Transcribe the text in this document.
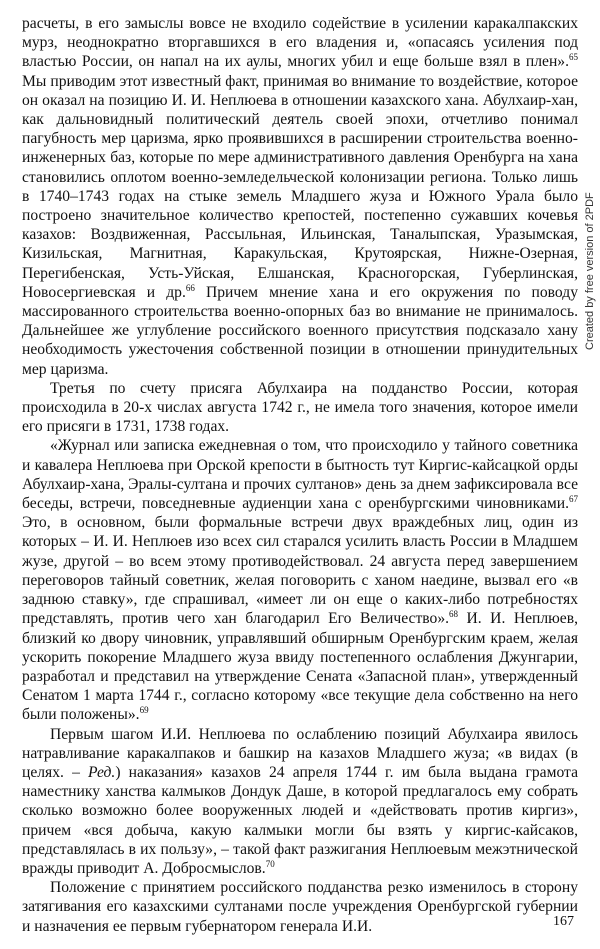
расчеты, в его замыслы вовсе не входило содействие в усилении каракалпакских мурз, неоднократно вторгавшихся в его владения и, «опасаясь усиления под властью России, он напал на их аулы, многих убил и еще больше взял в плен».$^{65}$ Мы приводим этот известный факт, принимая во внимание то воздействие, которое он оказал на позицию И. И. Неплюева в отношении казахского хана. Абулхаир-хан, как дальновидный политический деятель своей эпохи, отчетливо понимал пагубность мер царизма, ярко проявившихся в расширении строительства военно-инженерных баз, которые по мере административного давления Оренбурга на хана становились оплотом военно-земледельческой колонизации региона. Только лишь в 1740–1743 годах на стыке земель Младшего жуза и Южного Урала было построено значительное количество крепостей, постепенно сужавших кочевья казахов: Воздвиженная, Рассыльная, Ильинская, Таналыпская, Уразымская, Кизильская, Магнитная, Каракульская, Крутоярская, Нижне-Озерная, Перегибенская, Усть-Уйская, Елшанская, Красногорская, Губерлинская, Новосергиевская и др.$^{66}$ Причем мнение хана и его окружения по поводу массированного строительства военно-опорных баз во внимание не принималось. Дальнейшее же углубление российского военного присутствия подсказало хану необходимость ужесточения собственной позиции в отношении принудительных мер царизма.

Третья по счету присяга Абулхаира на подданство России, которая происходила в 20-х числах августа 1742 г., не имела того значения, которое имели его присяги в 1731, 1738 годах.

«Журнал или записка ежедневная о том, что происходило у тайного советника и кавалера Неплюева при Орской крепости в бытность тут Киргис-кайсацкой орды Абулхаир-хана, Эралы-султана и прочих султанов» день за днем зафиксировала все беседы, встречи, повседневные аудиенции хана с оренбургскими чиновниками.$^{67}$ Это, в основном, были формальные встречи двух враждебных лиц, один из которых – И. И. Неплюев изо всех сил старался усилить власть России в Младшем жузе, другой – во всем этому противодействовал. 24 августа перед завершением переговоров тайный советник, желая поговорить с ханом наедине, вызвал его «в заднюю ставку», где спрашивал, «имеет ли он еще о каких-либо потребностях представлять, против чего хан благодарил Его Величество».$^{68}$ И. И. Неплюев, близкий ко двору чиновник, управлявший обширным Оренбургским краем, желая ускорить покорение Младшего жуза ввиду постепенного ослабления Джунгарии, разработал и представил на утверждение Сената «Запасной план», утвержденный Сенатом 1 марта 1744 г., согласно которому «все текущие дела собственно на него были положены».$^{69}$

Первым шагом И.И. Неплюева по ослаблению позиций Абулхаира явилось натравливание каракалпаков и башкир на казахов Младшего жуза; «в видах (в целях. – Ред.) наказания» казахов 24 апреля 1744 г. им была выдана грамота наместнику ханства калмыков Дондук Даше, в которой предлагалось ему собрать сколько возможно более вооруженных людей и «действовать против киргиз», причем «вся добыча, какую калмыки могли бы взять у киргис-кайсаков, представлялась в их пользу», – такой факт разжигания Неплюевым межэтнической вражды приводит А. Добросмыслов.$^{70}$

Положение с принятием российского подданства резко изменилось в сторону затягивания его казахскими султанами после учреждения Оренбургской губернии и назначения ее первым губернатором генерала И.И.	167
Created by free version of 2PDF
